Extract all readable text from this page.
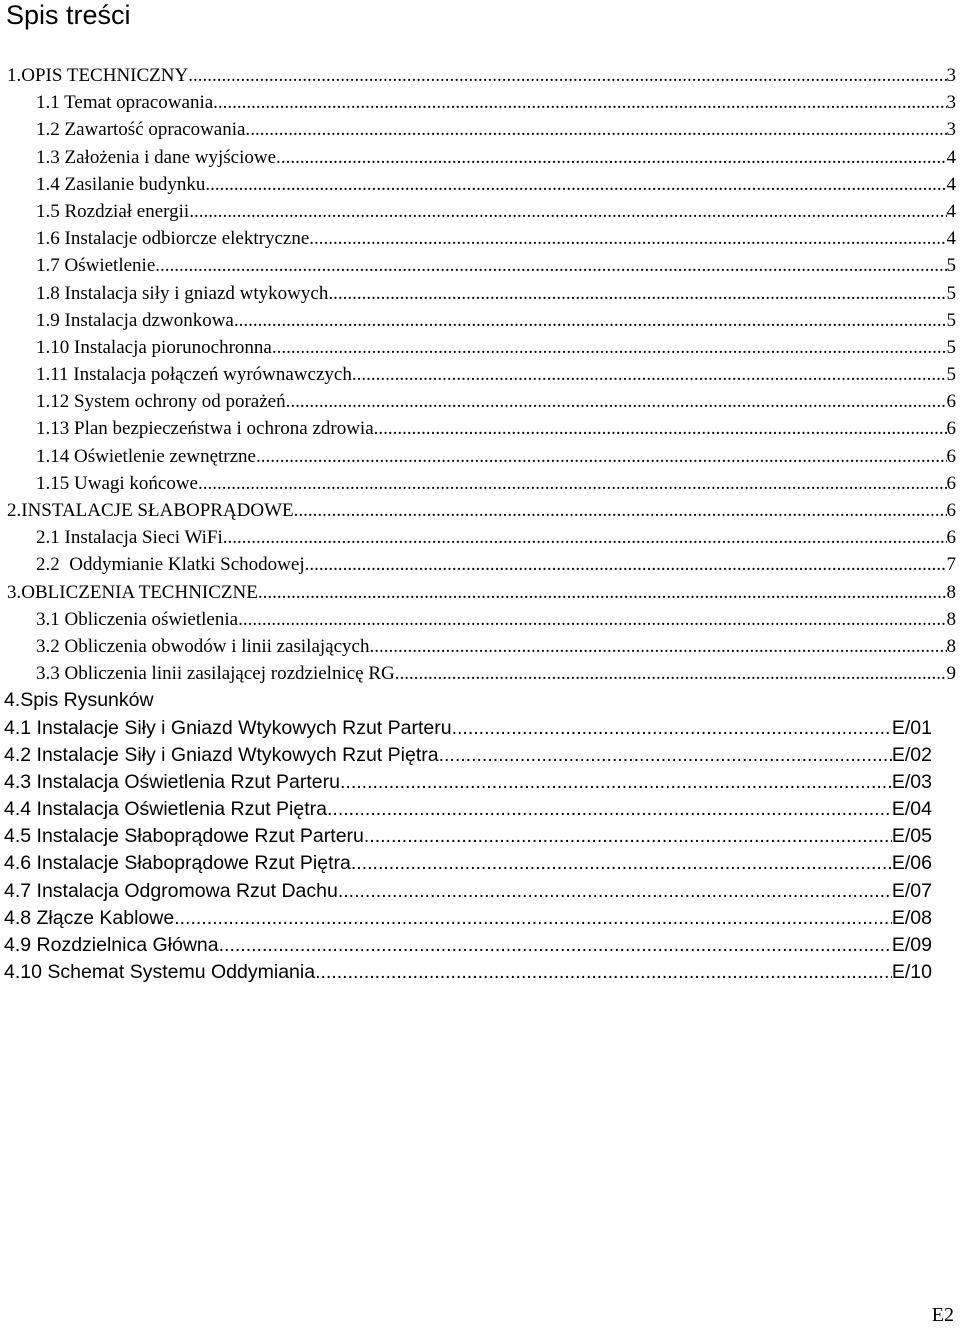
Spis treści
1.OPIS TECHNICZNY .....	3
1.1 Temat opracowania. .....	3
1.2 Zawartość opracowania. .....	3
1.3 Założenia i dane wyjściowe. .....	4
1.4 Zasilanie budynku. .....	4
1.5 Rozdział energii. .....	4
1.6 Instalacje odbiorcze elektryczne. .....	4
1.7 Oświetlenie. .....	5
1.8 Instalacja siły i gniazd wtykowych. .....	5
1.9 Instalacja dzwonkowa. .....	5
1.10 Instalacja piorunochronna. .....	5
1.11 Instalacja połączeń wyrównawczych. .....	5
1.12 System ochrony od porażeń. .....	6
1.13 Plan bezpieczeństwa i ochrona zdrowia. .....	6
1.14 Oświetlenie zewnętrzne. .....	6
1.15 Uwagi końcowe. .....	6
2.INSTALACJE SŁABOPRĄDOWE. .....	6
2.1 Instalacja Sieci WiFi. .....	6
2.2  Oddymianie Klatki Schodowej. .....	7
3.OBLICZENIA TECHNICZNE. .....	8
3.1 Obliczenia oświetlenia. .....	8
3.2 Obliczenia obwodów i linii zasilających. .....	8
3.3 Obliczenia linii zasilającej rozdzielnicę RG. .....	9
4.Spis Rysunków
4.1 Instalacje Siły i Gniazd Wtykowych Rzut Parteru. .....	E/01
4.2 Instalacje Siły i Gniazd Wtykowych Rzut Piętra. .....	E/02
4.3 Instalacja Oświetlenia Rzut Parteru. .....	E/03
4.4 Instalacja Oświetlenia Rzut Piętra. .....	E/04
4.5 Instalacje Słaboprądowe Rzut Parteru. .....	E/05
4.6 Instalacje Słaboprądowe Rzut Piętra. .....	E/06
4.7 Instalacja Odgromowa Rzut Dachu. .....	E/07
4.8 Złącze Kablowe. .....	E/08
4.9 Rozdzielnica Główna. .....	E/09
4.10 Schemat Systemu Oddymiania. .....	E/10
E2
